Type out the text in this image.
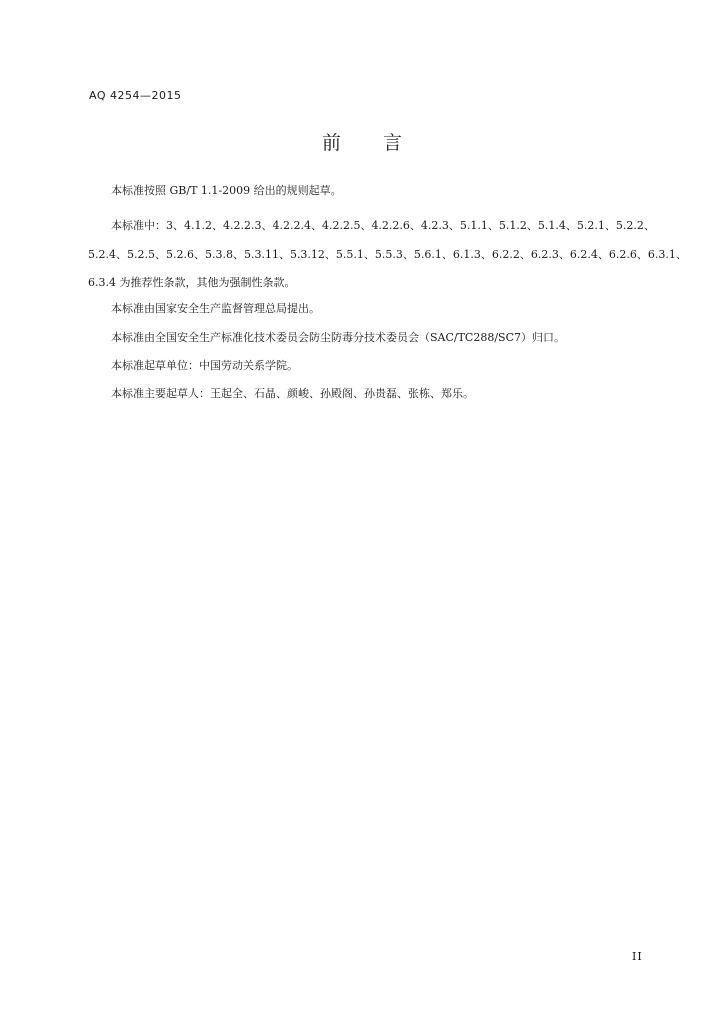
AQ 4254—2015
前言
本标准按照 GB/T 1.1-2009 给出的规则起草。
本标准中：3、4.1.2、4.2.2.3、4.2.2.4、4.2.2.5、4.2.2.6、4.2.3、5.1.1、5.1.2、5.1.4、5.2.1、5.2.2、
5.2.4、5.2.5、5.2.6、5.3.8、5.3.11、5.3.12、5.5.1、5.5.3、5.6.1、6.1.3、6.2.2、6.2.3、6.2.4、6.2.6、6.3.1、
6.3.4 为推荐性条款，其他为强制性条款。
本标准由国家安全生产监督管理总局提出。
本标准由全国安全生产标准化技术委员会防尘防毒分技术委员会（SAC/TC288/SC7）归口。
本标准起草单位：中国劳动关系学院。
本标准主要起草人：王起全、石晶、颜峻、孙殿阁、孙贵磊、张栋、郑乐。
II
